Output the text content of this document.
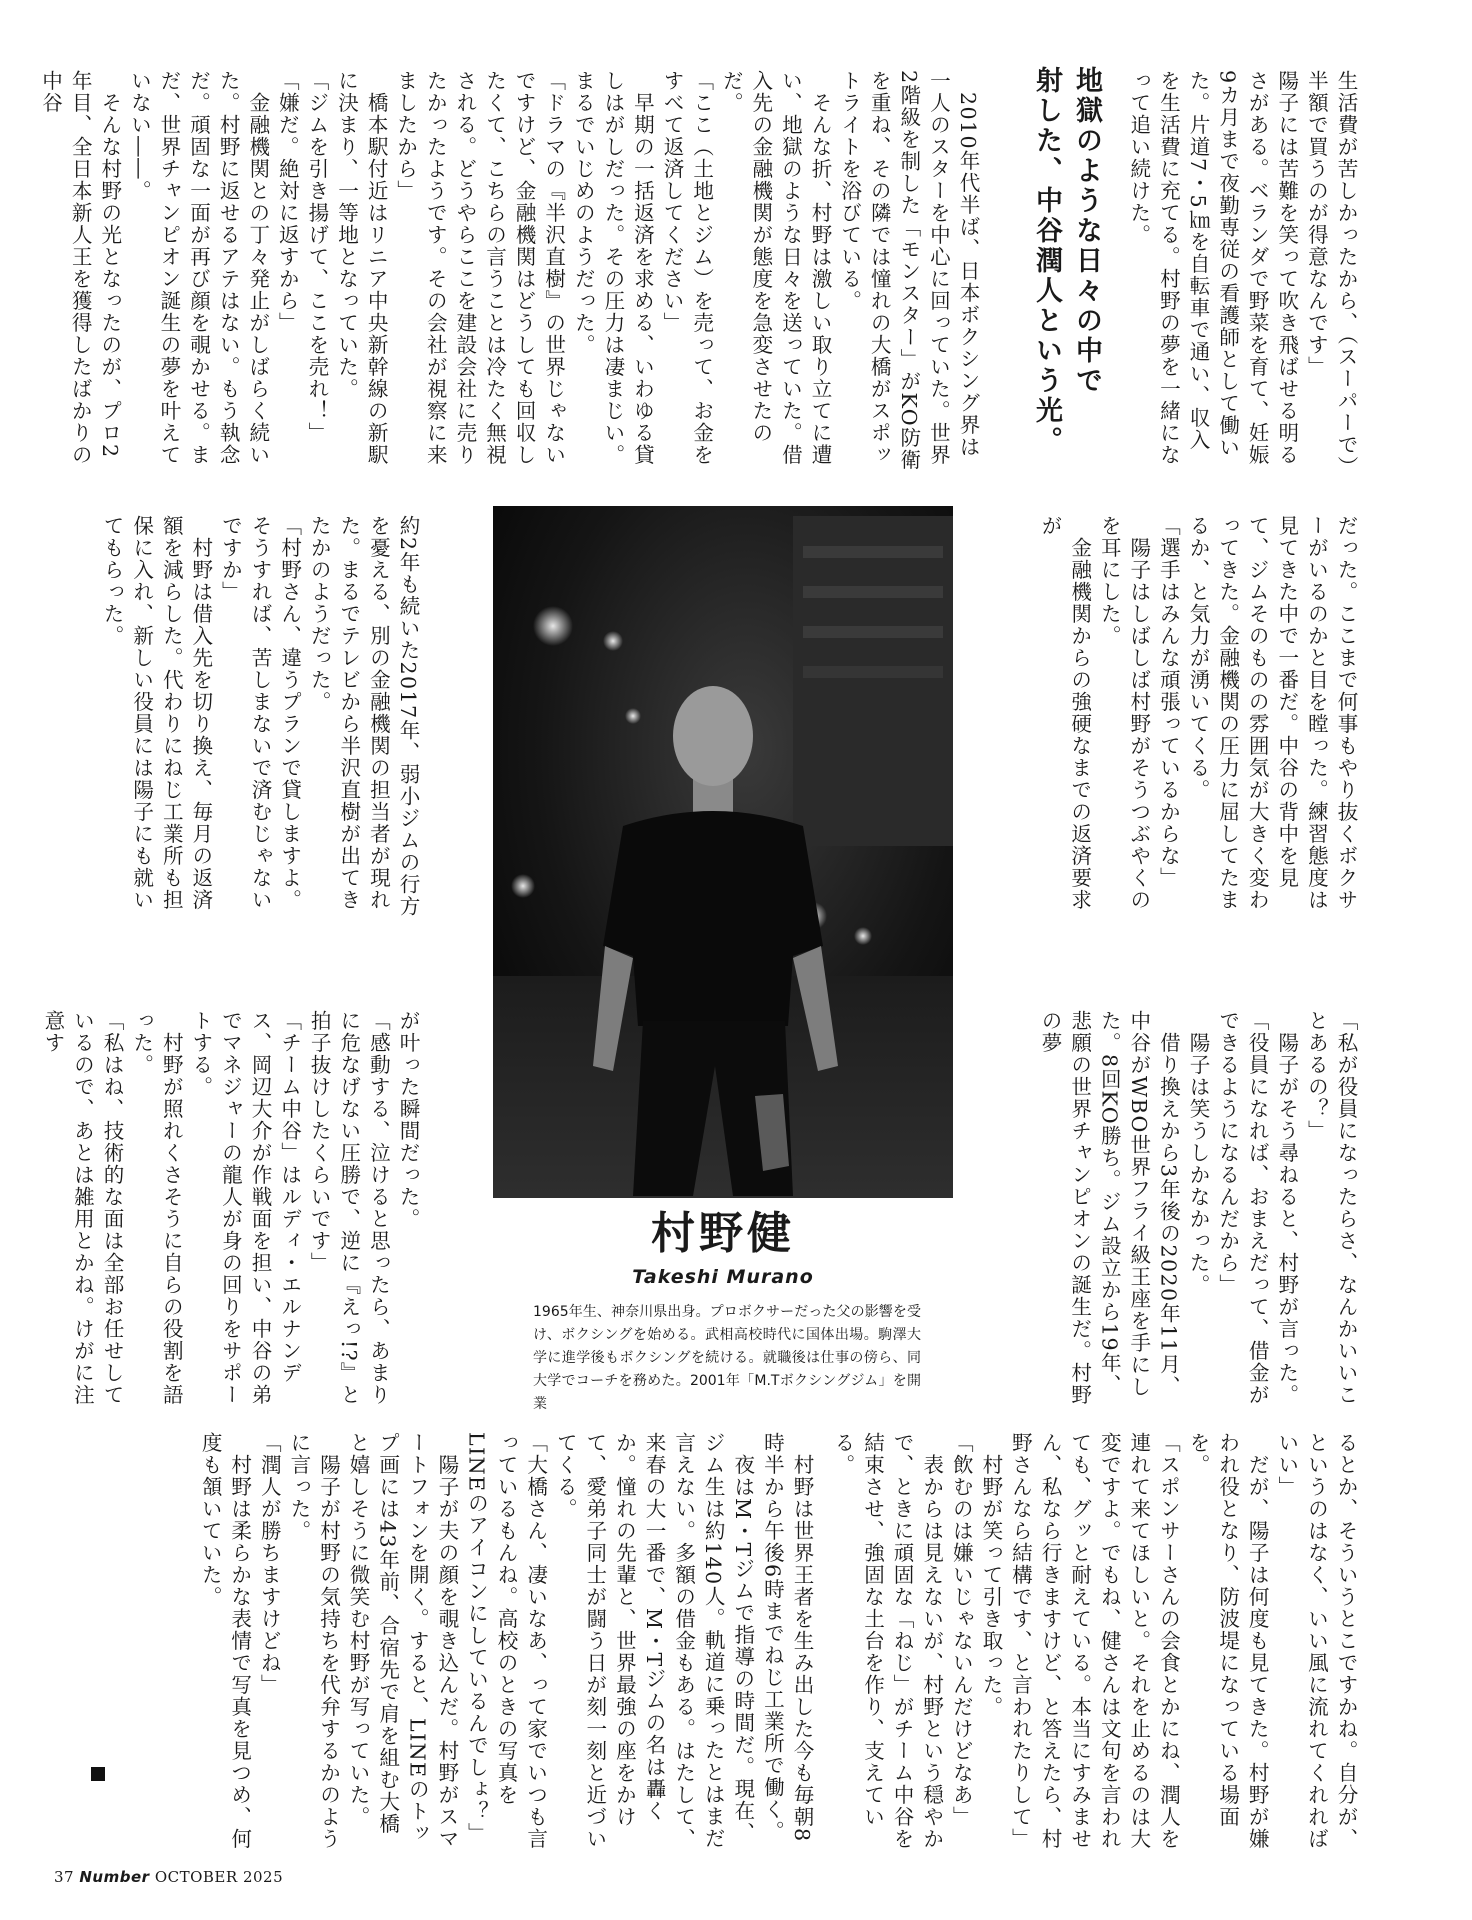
生活費が苦しかったから、（スーパーで）半額で買うのが得意なんです」

陽子には苦難を笑って吹き飛ばせる明るさがある。ベランダで野菜を育て、妊娠9カ月まで夜勤専従の看護師として働いた。片道7・5㎞を自転車で通い、収入を生活費に充てる。村野の夢を一緒になって追い続けた。

地獄のような日々の中で

射した、中谷潤人という光。

　2010年代半ば、日本ボクシング界は一人のスターを中心に回っていた。世界2階級を制した「モンスター」がKO防衛を重ね、その隣では憧れの大橋がスポットライトを浴びている。

　そんな折、村野は激しい取り立てに遭い、地獄のような日々を送っていた。借入先の金融機関が態度を急変させたのだ。

「ここ（土地とジム）を売って、お金をすべて返済してください」

　早期の一括返済を求める、いわゆる貸しはがしだった。その圧力は凄まじい。まるでいじめのようだった。

「ドラマの『半沢直樹』の世界じゃないですけど、金融機関はどうしても回収したくて、こちらの言うことは冷たく無視される。どうやらここを建設会社に売りたかったようです。その会社が視察に来ましたから」

　橋本駅付近はリニア中央新幹線の新駅に決まり、一等地となっていた。

「ジムを引き揚げて、ここを売れ！」

「嫌だ。絶対に返すから」

　金融機関との丁々発止がしばらく続いた。村野に返せるアテはない。もう執念だ。頑固な一面が再び顔を覗かせる。まだ、世界チャンピオン誕生の夢を叶えていない――。

　そんな村野の光となったのが、プロ2年目、全日本新人王を獲得したばかりの中谷

だった。ここまで何事もやり抜くボクサーがいるのかと目を瞠った。練習態度は見てきた中で一番だ。中谷の背中を見て、ジムそのものの雰囲気が大きく変わってきた。金融機関の圧力に屈してたまるか、と気力が湧いてくる。

「選手はみんな頑張っているからな」

　陽子はしばしば村野がそうつぶやくのを耳にした。

　金融機関からの強硬なまでの返済要求が

約2年も続いた2017年、弱小ジムの行方を憂える、別の金融機関の担当者が現れた。まるでテレビから半沢直樹が出てきたかのようだった。

「村野さん、違うプランで貸しますよ。そうすれば、苦しまないで済むじゃないですか」

　村野は借入先を切り換え、毎月の返済額を減らした。代わりにねじ工業所も担保に入れ、新しい役員には陽子にも就いてもらった。

村野健
Takeshi Murano
1965年生、神奈川県出身。プロボクサーだった父の影響を受け、ボクシングを始める。武相高校時代に国体出場。駒澤大学に進学後もボクシングを続ける。就職後は仕事の傍ら、同大学でコーチを務めた。2001年「M.Tボクシングジム」を開業	「私が役員になったらさ、なんかいいことあるの？」

　陽子がそう尋ねると、村野が言った。

「役員になれば、おまえだって、借金ができるようになるんだから」

　陽子は笑うしかなかった。

　借り換えから3年後の2020年11月、中谷がWBO世界フライ級王座を手にした。8回KO勝ち。ジム設立から19年、悲願の世界チャンピオンの誕生だ。村野の夢

が叶った瞬間だった。

「感動する、泣けると思ったら、あまりに危なげない圧勝で、逆に『えっ!?』と拍子抜けしたくらいです」

「チーム中谷」はルディ・エルナンデス、岡辺大介が作戦面を担い、中谷の弟でマネジャーの龍人が身の回りをサポートする。

　村野が照れくさそうに自らの役割を語った。

「私はね、技術的な面は全部お任せしているので、あとは雑用とかね。けがに注意す

るとか、そういうとこですかね。自分が、というのはなく、いい風に流れてくれればいい」

　だが、陽子は何度も見てきた。村野が嫌われ役となり、防波堤になっている場面を。

「スポンサーさんの会食とかにね、潤人を連れて来てほしいと。それを止めるのは大変ですよ。でもね、健さんは文句を言われても、グッと耐えている。本当にすみません、私なら行きますけど、と答えたら、村野さんなら結構です、と言われたりして」

　村野が笑って引き取った。

「飲むのは嫌いじゃないんだけどなあ」

　表からは見えないが、村野という穏やかで、ときに頑固な「ねじ」がチーム中谷を結束させ、強固な土台を作り、支えている。

　村野は世界王者を生み出した今も毎朝8時半から午後6時までねじ工業所で働く。

　夜はM・Tジムで指導の時間だ。現在、ジム生は約140人。軌道に乗ったとはまだ言えない。多額の借金もある。はたして、来春の大一番で、M・Tジムの名は轟くか。憧れの先輩と、世界最強の座をかけて、愛弟子同士が闘う日が刻一刻と近づいてくる。

「大橋さん、凄いなあ、って家でいつも言っているもんね。高校のときの写真をLINEのアイコンにしているんでしょ？」

　陽子が夫の顔を覗き込んだ。村野がスマートフォンを開く。すると、LINEのトップ画には43年前、合宿先で肩を組む大橋と嬉しそうに微笑む村野が写っていた。

　陽子が村野の気持ちを代弁するかのように言った。

「潤人が勝ちますけどね」

　村野は柔らかな表情で写真を見つめ、何度も頷いていた。

37 Number OCTOBER 2025
